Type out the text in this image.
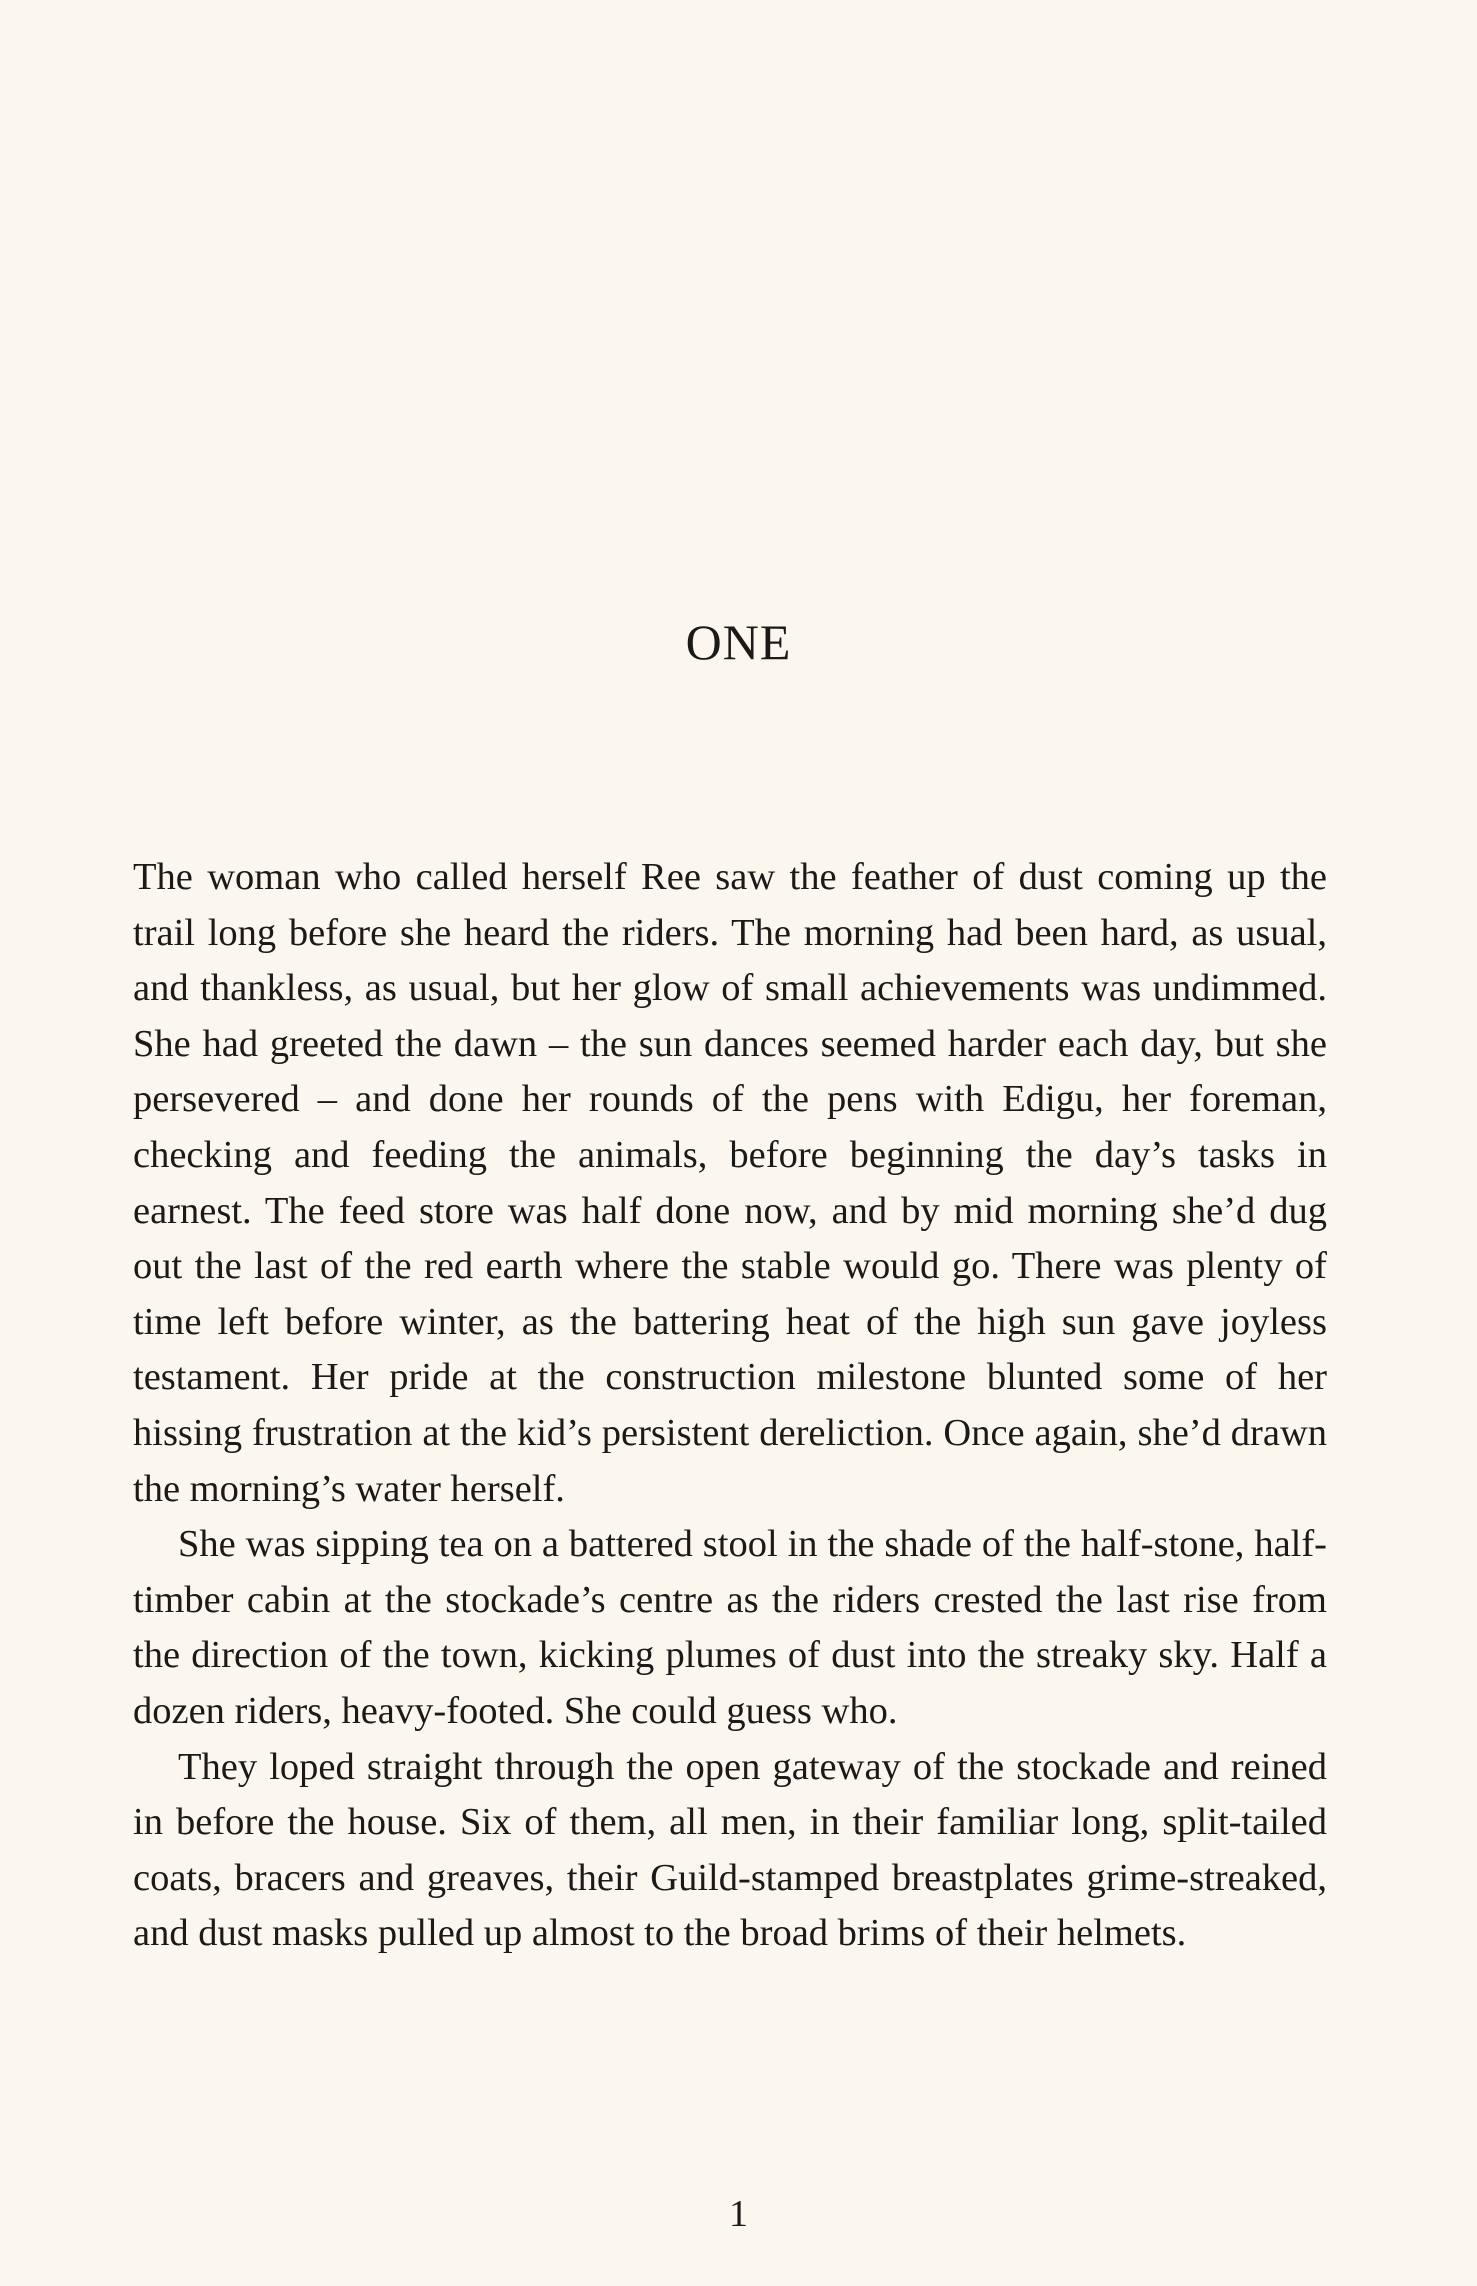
ONE

The woman who called herself Ree saw the feather of dust coming up the trail long before she heard the riders. The morning had been hard, as usual, and thankless, as usual, but her glow of small achievements was undimmed. She had greeted the dawn – the sun dances seemed harder each day, but she persevered – and done her rounds of the pens with Edigu, her foreman, checking and feeding the animals, before beginning the day’s tasks in earnest. The feed store was half done now, and by mid morning she’d dug out the last of the red earth where the stable would go. There was plenty of time left before winter, as the battering heat of the high sun gave joyless testament. Her pride at the construction milestone blunted some of her hissing frustration at the kid’s persistent dereliction. Once again, she’d drawn the morning’s water herself.

She was sipping tea on a battered stool in the shade of the half-stone, half-timber cabin at the stockade’s centre as the riders crested the last rise from the direction of the town, kicking plumes of dust into the streaky sky. Half a dozen riders, heavy-footed. She could guess who.

They loped straight through the open gateway of the stockade and reined in before the house. Six of them, all men, in their familiar long, split-tailed coats, bracers and greaves, their Guild-stamped breastplates grime-streaked, and dust masks pulled up almost to the broad brims of their helmets.

1
